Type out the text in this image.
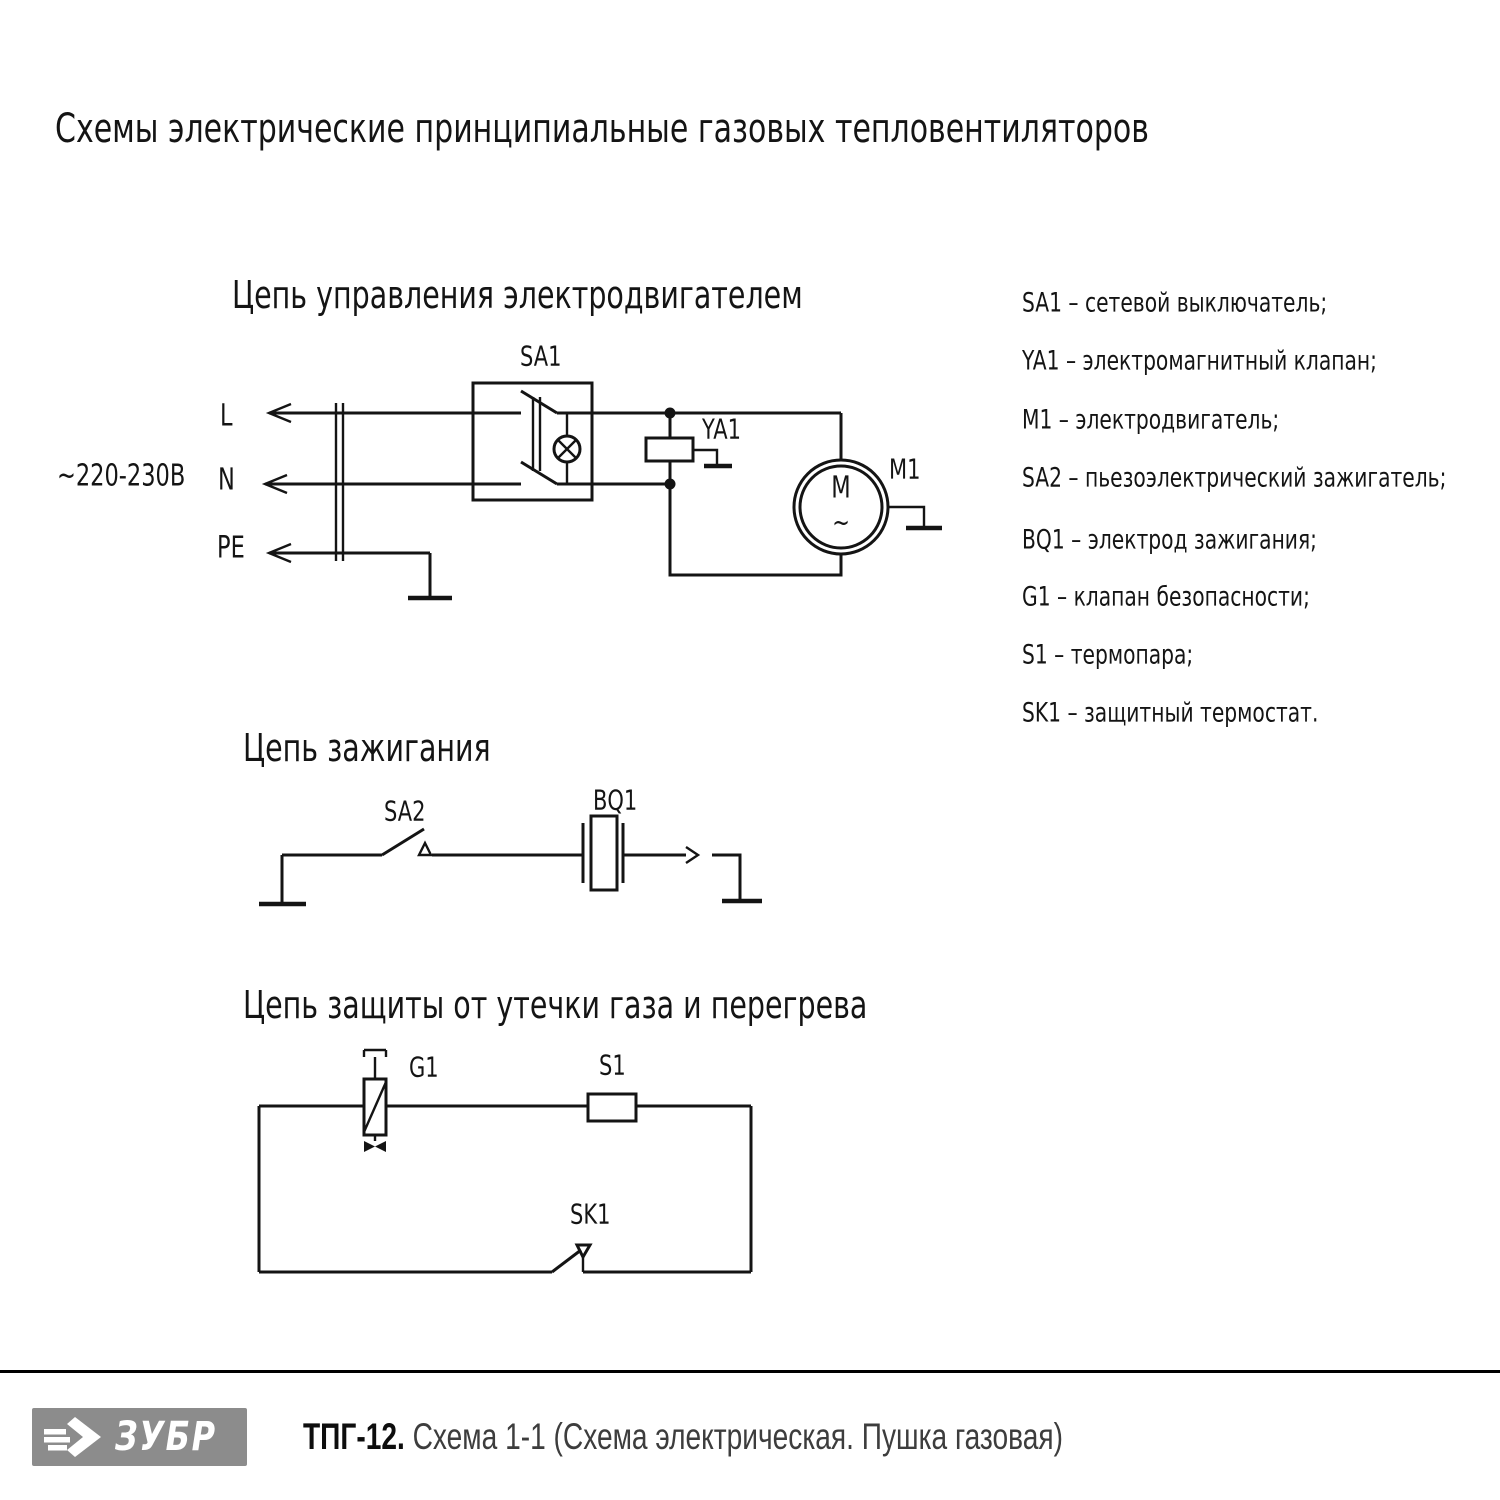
Схемы электрические принципиальные газовых тепловентиляторов
Цепь управления электродвигателем
~220-230В
L
N
PE
SA1
YA1
M1
M
~
Цепь зажигания
SA2	BQ1
Цепь защиты от утечки газа и перегрева
G1	S1
SK1
SA1 – сетевой выключатель;
YA1 – электромагнитный клапан;
M1 – электродвигатель;
SA2 – пьезоэлектрический зажигатель;
BQ1 – электрод зажигания;
G1 – клапан безопасности;
S1 – термопара;
SK1 – защитный термостат.
ЗУБР ТПГ-12. Схема 1-1 (Схема электрическая. Пушка газовая)
